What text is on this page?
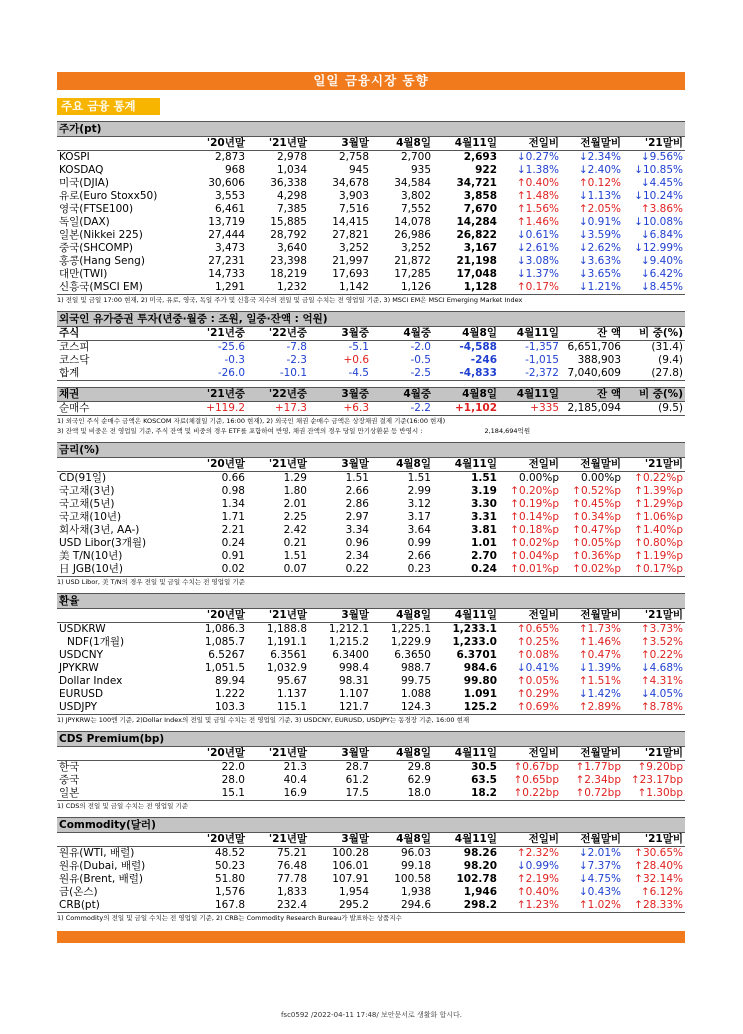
일일 금융시장 동향
주요 금융 통계
주가(pt)
	'20년말	'21년말	3월말	4월8일	4월11일	전일비	전월말비	'21말비
KOSPI	2,873	2,978	2,758	2,700	2,693	↓0.27%	↓2.34%	↓9.56%
KOSDAQ	968	1,034	945	935	922	↓1.38%	↓2.40%	↓10.85%
미국(DJIA)	30,606	36,338	34,678	34,584	34,721	↑0.40%	↑0.12%	↓4.45%
유로(Euro Stoxx50)	3,553	4,298	3,903	3,802	3,858	↑1.48%	↓1.13%	↓10.24%
영국(FTSE100)	6,461	7,385	7,516	7,552	7,670	↑1.56%	↑2.05%	↑3.86%
독일(DAX)	13,719	15,885	14,415	14,078	14,284	↑1.46%	↓0.91%	↓10.08%
일본(Nikkei 225)	27,444	28,792	27,821	26,986	26,822	↓0.61%	↓3.59%	↓6.84%
중국(SHCOMP)	3,473	3,640	3,252	3,252	3,167	↓2.61%	↓2.62%	↓12.99%
홍콩(Hang Seng)	27,231	23,398	21,997	21,872	21,198	↓3.08%	↓3.63%	↓9.40%
대만(TWI)	14,733	18,219	17,693	17,285	17,048	↓1.37%	↓3.65%	↓6.42%
신흥국(MSCI EM)	1,291	1,232	1,142	1,126	1,128	↑0.17%	↓1.21%	↓8.45%
1) 전일 및 금일 17:00 현재, 2) 미국, 유로, 영국, 독일 주가 및 신흥국 지수의 전일 및 금일 수치는 전 영업일 기준, 3) MSCI EM은 MSCI Emerging Market Index
외국인 유가증권 투자(년중·월중 : 조원, 일중·잔액 : 억원)
주식	'21년중	'22년중	3월중	4월중	4월8일	4월11일	잔 액	비 중(%)
코스피	-25.6	-7.8	-5.1	-2.0	-4,588	-1,357	6,651,706	(31.4)
코스닥	-0.3	-2.3	+0.6	-0.5	-246	-1,015	388,903	(9.4)
합계	-26.0	-10.1	-4.5	-2.5	-4,833	-2,372	7,040,609	(27.8)
채권	'21년중	'22년중	3월중	4월중	4월8일	4월11일	잔 액	비 중(%)
순매수	+119.2	+17.3	+6.3	-2.2	+1,102	+335	2,185,094	(9.5)
1) 외국인 주식 순매수 금액은 KOSCOM 자료(체결일 기준, 16:00 현재), 2) 외국인 채권 순매수 금액은 상장채권 결제 기준(16:00 현재)
3) 잔액 및 비중은 전 영업일 기준, 주식 잔액 및 비중의 경우 ETF를 포함하여 반영, 채권 잔액의 경우 당일 만기상환분 등 반영시 :	2,184,694억원
금리(%)
	'20년말	'21년말	3월말	4월8일	4월11일	전일비	전월말비	'21말비
CD(91일)	0.66	1.29	1.51	1.51	1.51	0.00%p	0.00%p	↑0.22%p
국고채(3년)	0.98	1.80	2.66	2.99	3.19	↑0.20%p	↑0.52%p	↑1.39%p
국고채(5년)	1.34	2.01	2.86	3.12	3.30	↑0.19%p	↑0.45%p	↑1.29%p
국고채(10년)	1.71	2.25	2.97	3.17	3.31	↑0.14%p	↑0.34%p	↑1.06%p
회사채(3년, AA-)	2.21	2.42	3.34	3.64	3.81	↑0.18%p	↑0.47%p	↑1.40%p
USD Libor(3개월)	0.24	0.21	0.96	0.99	1.01	↑0.02%p	↑0.05%p	↑0.80%p
美 T/N(10년)	0.91	1.51	2.34	2.66	2.70	↑0.04%p	↑0.36%p	↑1.19%p
日 JGB(10년)	0.02	0.07	0.22	0.23	0.24	↑0.01%p	↑0.02%p	↑0.17%p
1) USD Libor, 美 T/N의 경우 전일 및 금일 수치는 전 영업일 기준
환율
	'20년말	'21년말	3월말	4월8일	4월11일	전일비	전월말비	'21말비
USDKRW	1,086.3	1,188.8	1,212.1	1,225.1	1,233.1	↑0.65%	↑1.73%	↑3.73%
NDF(1개월)	1,085.7	1,191.1	1,215.2	1,229.9	1,233.0	↑0.25%	↑1.46%	↑3.52%
USDCNY	6.5267	6.3561	6.3400	6.3650	6.3701	↑0.08%	↑0.47%	↑0.22%
JPYKRW	1,051.5	1,032.9	998.4	988.7	984.6	↓0.41%	↓1.39%	↓4.68%
Dollar Index	89.94	95.67	98.31	99.75	99.80	↑0.05%	↑1.51%	↑4.31%
EURUSD	1.222	1.137	1.107	1.088	1.091	↑0.29%	↓1.42%	↓4.05%
USDJPY	103.3	115.1	121.7	124.3	125.2	↑0.69%	↑2.89%	↑8.78%
1) JPYKRW는 100엔 기준, 2)Dollar Index의 전일 및 금일 수치는 전 영업일 기준, 3) USDCNY, EURUSD, USDJPY는 동경장 기준, 16:00 현재
CDS Premium(bp)
	'20년말	'21년말	3월말	4월8일	4월11일	전일비	전월말비	'21말비
한국	22.0	21.3	28.7	29.8	30.5	↑0.67bp	↑1.77bp	↑9.20bp
중국	28.0	40.4	61.2	62.9	63.5	↑0.65bp	↑2.34bp	↑23.17bp
일본	15.1	16.9	17.5	18.0	18.2	↑0.22bp	↑0.72bp	↑1.30bp
1) CDS의 전일 및 금일 수치는 전 영업일 기준
Commodity(달러)
	'20년말	'21년말	3월말	4월8일	4월11일	전일비	전월말비	'21말비
원유(WTI, 배럴)	48.52	75.21	100.28	96.03	98.26	↑2.32%	↓2.01%	↑30.65%
원유(Dubai, 배럴)	50.23	76.48	106.01	99.18	98.20	↓0.99%	↓7.37%	↑28.40%
원유(Brent, 배럴)	51.80	77.78	107.91	100.58	102.78	↑2.19%	↓4.75%	↑32.14%
금(온스)	1,576	1,833	1,954	1,938	1,946	↑0.40%	↓0.43%	↑6.12%
CRB(pt)	167.8	232.4	295.2	294.6	298.2	↑1.23%	↑1.02%	↑28.33%
1) Commodity의 전일 및 금일 수치는 전 영업일 기준, 2) CRB는 Commodity Research Bureau가 발표하는 상품지수
fsc0592 /2022-04-11 17:48/ 보안문서로 생활화 합시다.
